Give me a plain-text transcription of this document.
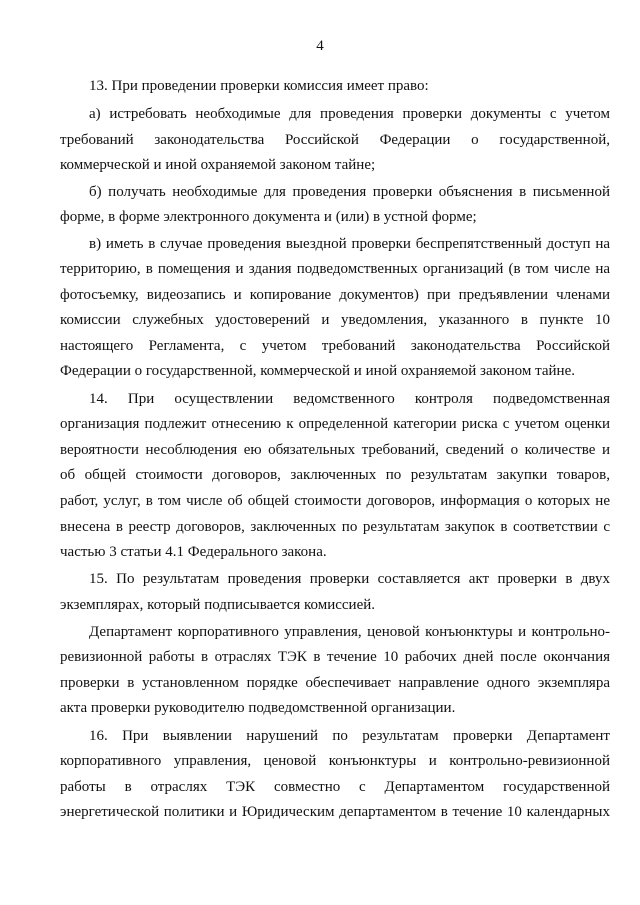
4
13. При проведении проверки комиссия имеет право:
а) истребовать необходимые для проведения проверки документы с учетом
требований законодательства Российской Федерации о государственной,
коммерческой и иной охраняемой законом тайне;
б) получать необходимые для проведения проверки объяснения в письменной
форме, в форме электронного документа и (или) в устной форме;
в) иметь в случае проведения выездной проверки беспрепятственный доступ на
территорию, в помещения и здания подведомственных организаций (в том числе на
фотосъемку, видеозапись и копирование документов) при предъявлении членами
комиссии служебных удостоверений и уведомления, указанного в пункте 10
настоящего Регламента, с учетом требований законодательства Российской
Федерации о государственной, коммерческой и иной охраняемой законом тайне.
14. При осуществлении ведомственного контроля подведомственная
организация подлежит отнесению к определенной категории риска с учетом оценки
вероятности несоблюдения ею обязательных требований, сведений о количестве и
об общей стоимости договоров, заключенных по результатам закупки товаров,
работ, услуг, в том числе об общей стоимости договоров, информация о которых не
внесена в реестр договоров, заключенных по результатам закупок в соответствии с
частью 3 статьи 4.1 Федерального закона.
15. По результатам проведения проверки составляется акт проверки в двух
экземплярах, который подписывается комиссией.
Департамент корпоративного управления, ценовой конъюнктуры и контрольно-
ревизионной работы в отраслях ТЭК в течение 10 рабочих дней после окончания
проверки в установленном порядке обеспечивает направление одного экземпляра
акта проверки руководителю подведомственной организации.
16. При выявлении нарушений по результатам проверки Департамент
корпоративного управления, ценовой конъюнктуры и контрольно-ревизионной
работы в отраслях ТЭК совместно с Департаментом государственной
энергетической политики и Юридическим департаментом в течение 10 календарных
